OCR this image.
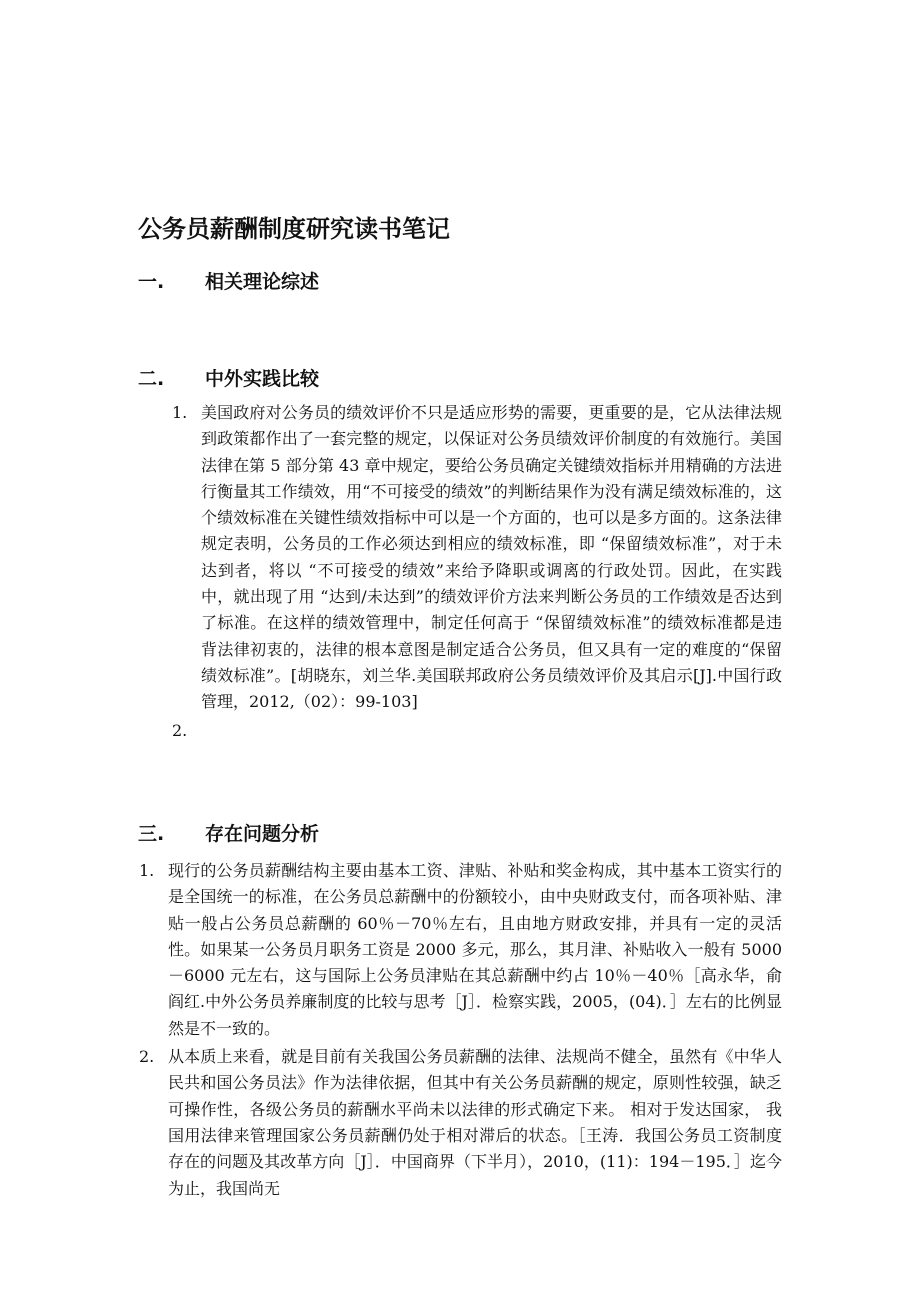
公务员薪酬制度研究读书笔记
一. 相关理论综述
二. 中外实践比较
1. 美国政府对公务员的绩效评价不只是适应形势的需要，更重要的是，它从法律法规到政策都作出了一套完整的规定，以保证对公务员绩效评价制度的有效施行。美国法律在第 5 部分第 43 章中规定，要给公务员确定关键绩效指标并用精确的方法进行衡量其工作绩效，用“不可接受的绩效”的判断结果作为没有满足绩效标准的，这个绩效标准在关键性绩效指标中可以是一个方面的，也可以是多方面的。这条法律规定表明，公务员的工作必须达到相应的绩效标准，即 “保留绩效标准”，对于未达到者，将以 “不可接受的绩效”来给予降职或调离的行政处罚。因此，在实践中，就出现了用 “达到/未达到”的绩效评价方法来判断公务员的工作绩效是否达到了标准。在这样的绩效管理中，制定任何高于 “保留绩效标准”的绩效标准都是违背法律初衷的，法律的根本意图是制定适合公务员，但又具有一定的难度的“保留绩效标准”。[胡晓东，刘兰华.美国联邦政府公务员绩效评价及其启示[J].中国行政管理，2012,（02）：99-103]
2.

三. 存在问题分析
1. 现行的公务员薪酬结构主要由基本工资、津贴、补贴和奖金构成，其中基本工资实行的是全国统一的标准，在公务员总薪酬中的份额较小，由中央财政支付，而各项补贴、津贴一般占公务员总薪酬的 60％－70％左右，且由地方财政安排，并具有一定的灵活性。如果某一公务员月职务工资是 2000 多元，那么，其月津、补贴收入一般有 5000－6000 元左右，这与国际上公务员津贴在其总薪酬中约占 10％－40％［高永华，俞阎红.中外公务员养廉制度的比较与思考［J］．检察实践，2005，(04)．］左右的比例显然是不一致的。
2. 从本质上来看，就是目前有关我国公务员薪酬的法律、法规尚不健全，虽然有《中华人民共和国公务员法》作为法律依据，但其中有关公务员薪酬的规定，原则性较强，缺乏可操作性，各级公务员的薪酬水平尚未以法律的形式确定下来。 相对于发达国家， 我国用法律来管理国家公务员薪酬仍处于相对滞后的状态。［王涛．我国公务员工资制度存在的问题及其改革方向［J］．中国商界（下半月），2010，(11)：194－195．］迄今为止，我国尚无
